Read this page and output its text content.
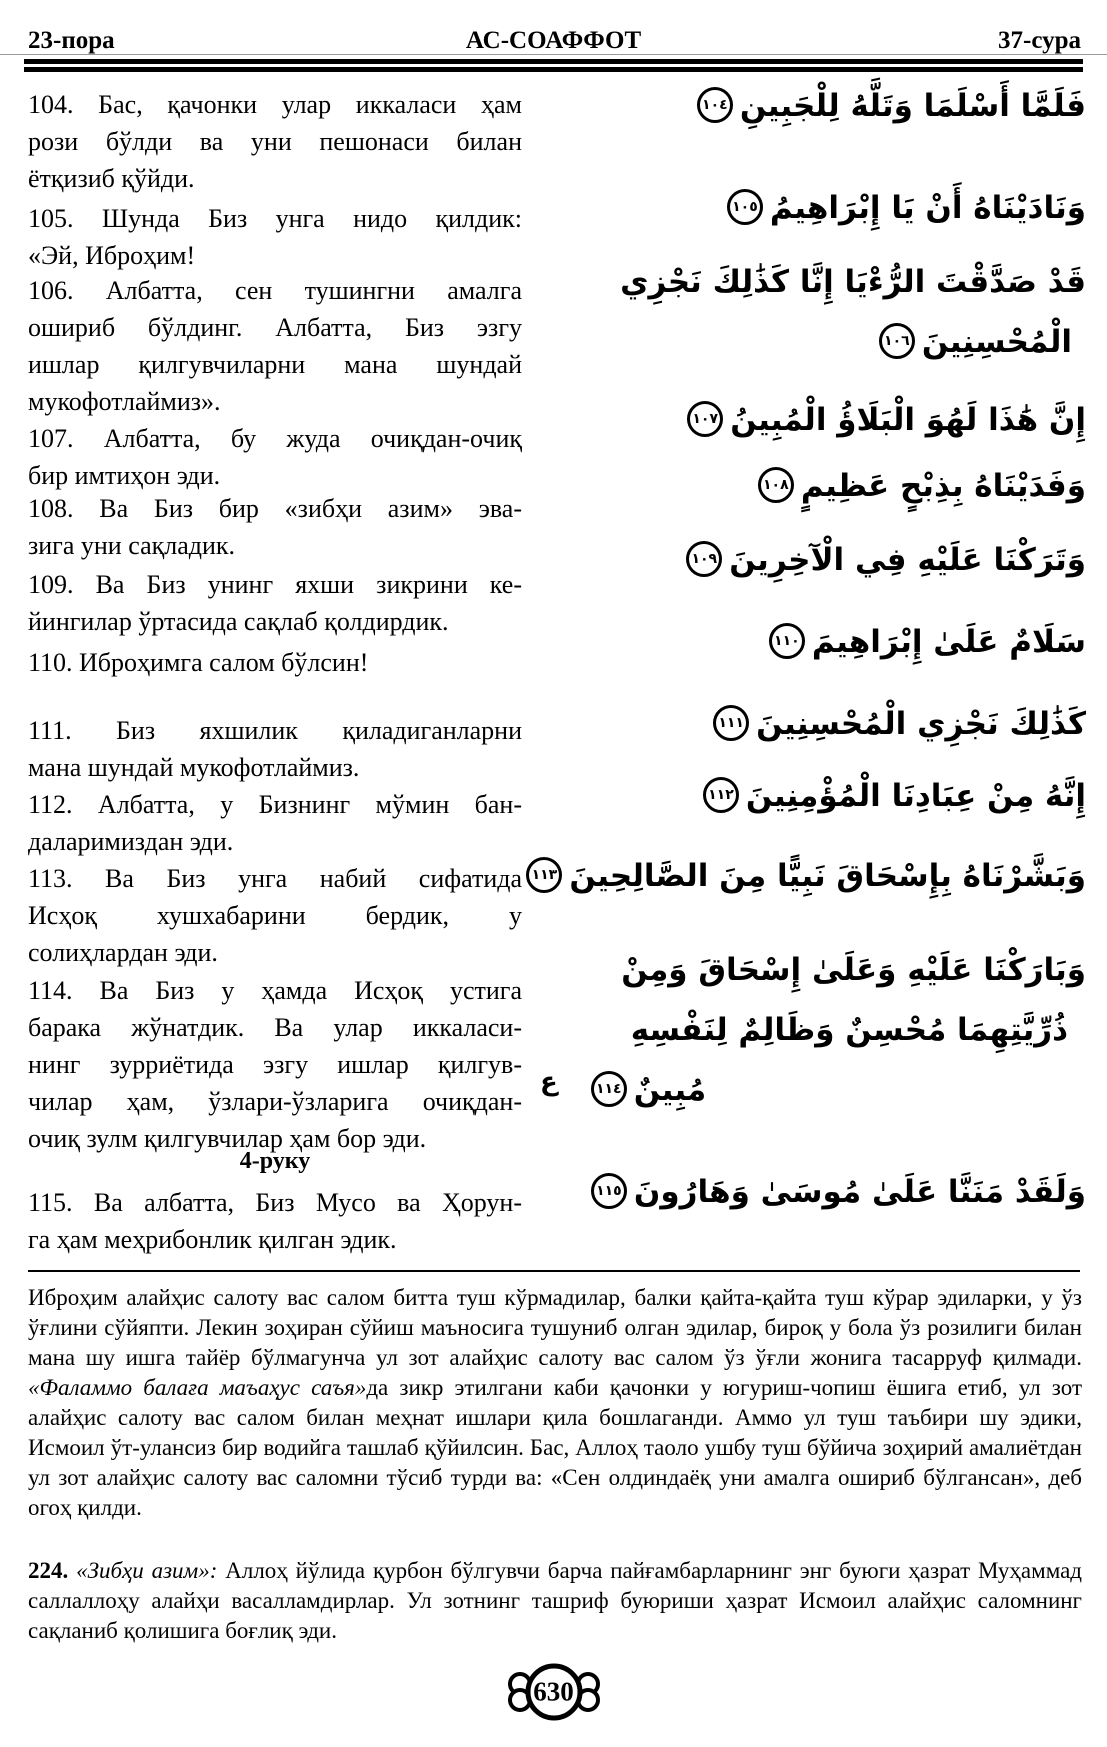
23-пора	АС-СОАФФОТ	37-сура
104. Бас, қачонки улар иккаласи ҳам
рози бўлди ва уни пешонаси билан
ётқизиб қўйди.
فَلَمَّا أَسْلَمَا وَتَلَّهُ لِلْجَبِينِ١٠٤
105. Шунда Биз унга нидо қилдик:
«Эй, Иброҳим!
وَنَادَيْنَاهُ أَنْ يَا إِبْرَاهِيمُ١٠٥
106. Албатта, сен тушингни амалга
ошириб бўлдинг. Албатта, Биз эзгу
ишлар қилгувчиларни мана шундай
мукофотлаймиз».
قَدْ صَدَّقْتَ الرُّءْيَا إِنَّا كَذَٰلِكَ نَجْزِي
الْمُحْسِنِينَ١٠٦
107. Албатта, бу жуда очиқдан-очиқ
бир имтиҳон эди.
إِنَّ هَٰذَا لَهُوَ الْبَلَاؤُ الْمُبِينُ١٠٧
108. Ва Биз бир «зибҳи азим» эва-
зига уни сақладик.
وَفَدَيْنَاهُ بِذِبْحٍ عَظِيمٍ١٠٨
109. Ва Биз унинг яхши зикрини ке-
йингилар ўртасида сақлаб қолдирдик.
وَتَرَكْنَا عَلَيْهِ فِي الْآخِرِينَ١٠٩
110. Иброҳимга салом бўлсин!
سَلَامٌ عَلَىٰ إِبْرَاهِيمَ١١٠
111. Биз яхшилик қиладиганларни
мана шундай мукофотлаймиз.
كَذَٰلِكَ نَجْزِي الْمُحْسِنِينَ١١١
112. Албатта, у Бизнинг мўмин бан-
даларимиздан эди.
إِنَّهُ مِنْ عِبَادِنَا الْمُؤْمِنِينَ١١٢
113. Ва Биз унга набий сифатида
Исҳоқ хушхабарини бердик, у
солиҳлардан эди.
وَبَشَّرْنَاهُ بِإِسْحَاقَ نَبِيًّا مِنَ الصَّالِحِينَ١١٣
114. Ва Биз у ҳамда Исҳоқ устига
барака жўнатдик. Ва улар иккаласи-
нинг зурриётида эзгу ишлар қилгув-
чилар ҳам, ўзлари-ўзларига очиқдан-
очиқ зулм қилгувчилар ҳам бор эди.
وَبَارَكْنَا عَلَيْهِ وَعَلَىٰ إِسْحَاقَ وَمِنْ
ذُرِّيَّتِهِمَا مُحْسِنٌ وَظَالِمٌ لِنَفْسِهِ
$مُبِينٌ١١٤^ع$
115. Ва албатта, Биз Мусо ва Ҳорун-
га ҳам меҳрибонлик қилган эдик.
وَلَقَدْ مَنَنَّا عَلَىٰ مُوسَىٰ وَهَارُونَ١١٥
4-руку
Иброҳим алайҳис салоту вас салом битта туш кўрмадилар, балки қайта-қайта туш кўрар эдиларки, у ўз ўғлини сўйяпти. Лекин зоҳиран сўйиш маъносига тушуниб олган эдилар, бироқ у бола ўз розилиги билан мана шу ишга тайёр бўлмагунча ул зот алайҳис салоту вас салом ўз ўғли жонига тасарруф қилмади. «Фаламмо балаға маъаҳус саъя»да зикр этилгани каби қачонки у югуриш-чопиш ёшига етиб, ул зот алайҳис салоту вас салом билан меҳнат ишлари қила бошлаганди. Аммо ул туш таъбири шу эдики, Исмоил ўт-улансиз бир водийга ташлаб қўйилсин. Бас, Аллоҳ таоло ушбу туш бўйича зоҳирий амалиётдан ул зот алайҳис салоту вас саломни тўсиб турди ва: «Сен олдиндаёқ уни амалга ошириб бўлгансан», деб огоҳ қилди.
224. «Зибҳи азим»: Аллоҳ йўлида қурбон бўлгувчи барча пайғамбарларнинг энг буюги ҳазрат Муҳаммад саллаллоҳу алайҳи васалламдирлар. Ул зотнинг ташриф буюриши ҳазрат Исмоил алайҳис саломнинг сақланиб қолишига боғлиқ эди.
630
